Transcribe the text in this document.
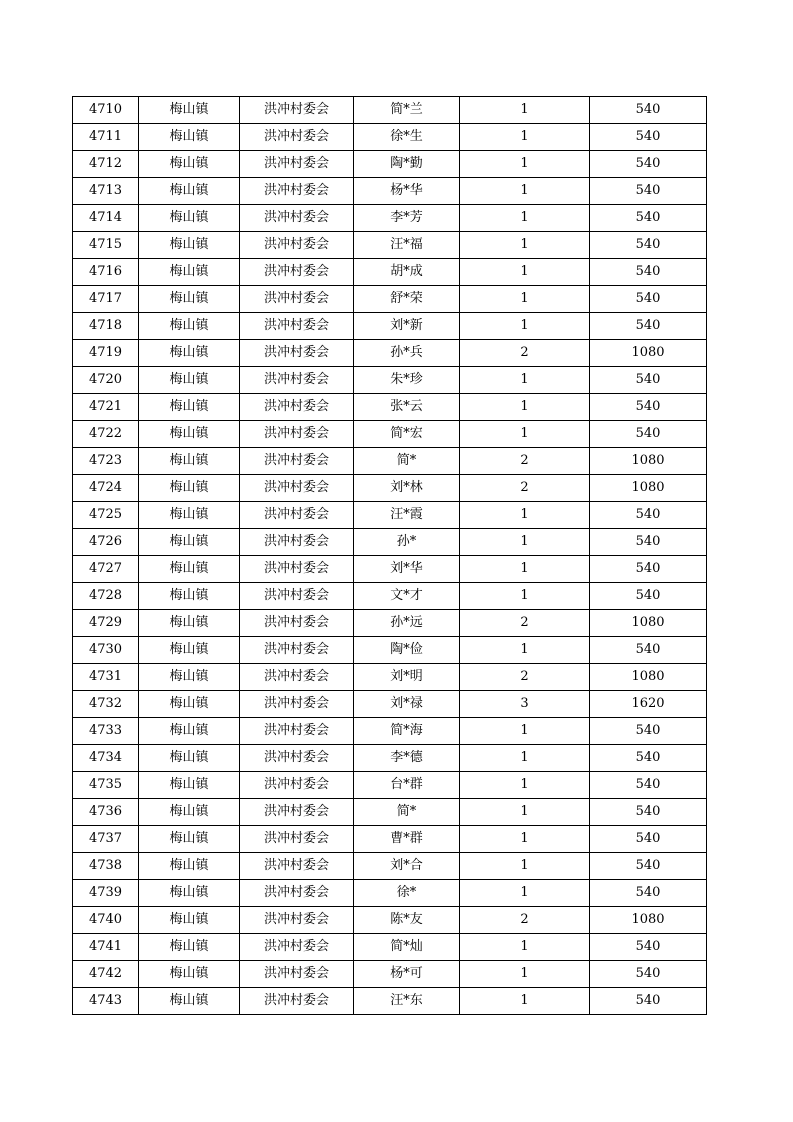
4710	梅山镇	洪冲村委会	简*兰	1	540
4711	梅山镇	洪冲村委会	徐*生	1	540
4712	梅山镇	洪冲村委会	陶*勤	1	540
4713	梅山镇	洪冲村委会	杨*华	1	540
4714	梅山镇	洪冲村委会	李*芳	1	540
4715	梅山镇	洪冲村委会	汪*福	1	540
4716	梅山镇	洪冲村委会	胡*成	1	540
4717	梅山镇	洪冲村委会	舒*荣	1	540
4718	梅山镇	洪冲村委会	刘*新	1	540
4719	梅山镇	洪冲村委会	孙*兵	2	1080
4720	梅山镇	洪冲村委会	朱*珍	1	540
4721	梅山镇	洪冲村委会	张*云	1	540
4722	梅山镇	洪冲村委会	简*宏	1	540
4723	梅山镇	洪冲村委会	简*	2	1080
4724	梅山镇	洪冲村委会	刘*林	2	1080
4725	梅山镇	洪冲村委会	汪*霞	1	540
4726	梅山镇	洪冲村委会	孙*	1	540
4727	梅山镇	洪冲村委会	刘*华	1	540
4728	梅山镇	洪冲村委会	文*才	1	540
4729	梅山镇	洪冲村委会	孙*远	2	1080
4730	梅山镇	洪冲村委会	陶*俭	1	540
4731	梅山镇	洪冲村委会	刘*明	2	1080
4732	梅山镇	洪冲村委会	刘*禄	3	1620
4733	梅山镇	洪冲村委会	简*海	1	540
4734	梅山镇	洪冲村委会	李*德	1	540
4735	梅山镇	洪冲村委会	台*群	1	540
4736	梅山镇	洪冲村委会	简*	1	540
4737	梅山镇	洪冲村委会	曹*群	1	540
4738	梅山镇	洪冲村委会	刘*合	1	540
4739	梅山镇	洪冲村委会	徐*	1	540
4740	梅山镇	洪冲村委会	陈*友	2	1080
4741	梅山镇	洪冲村委会	简*灿	1	540
4742	梅山镇	洪冲村委会	杨*可	1	540
4743	梅山镇	洪冲村委会	汪*东	1	540
